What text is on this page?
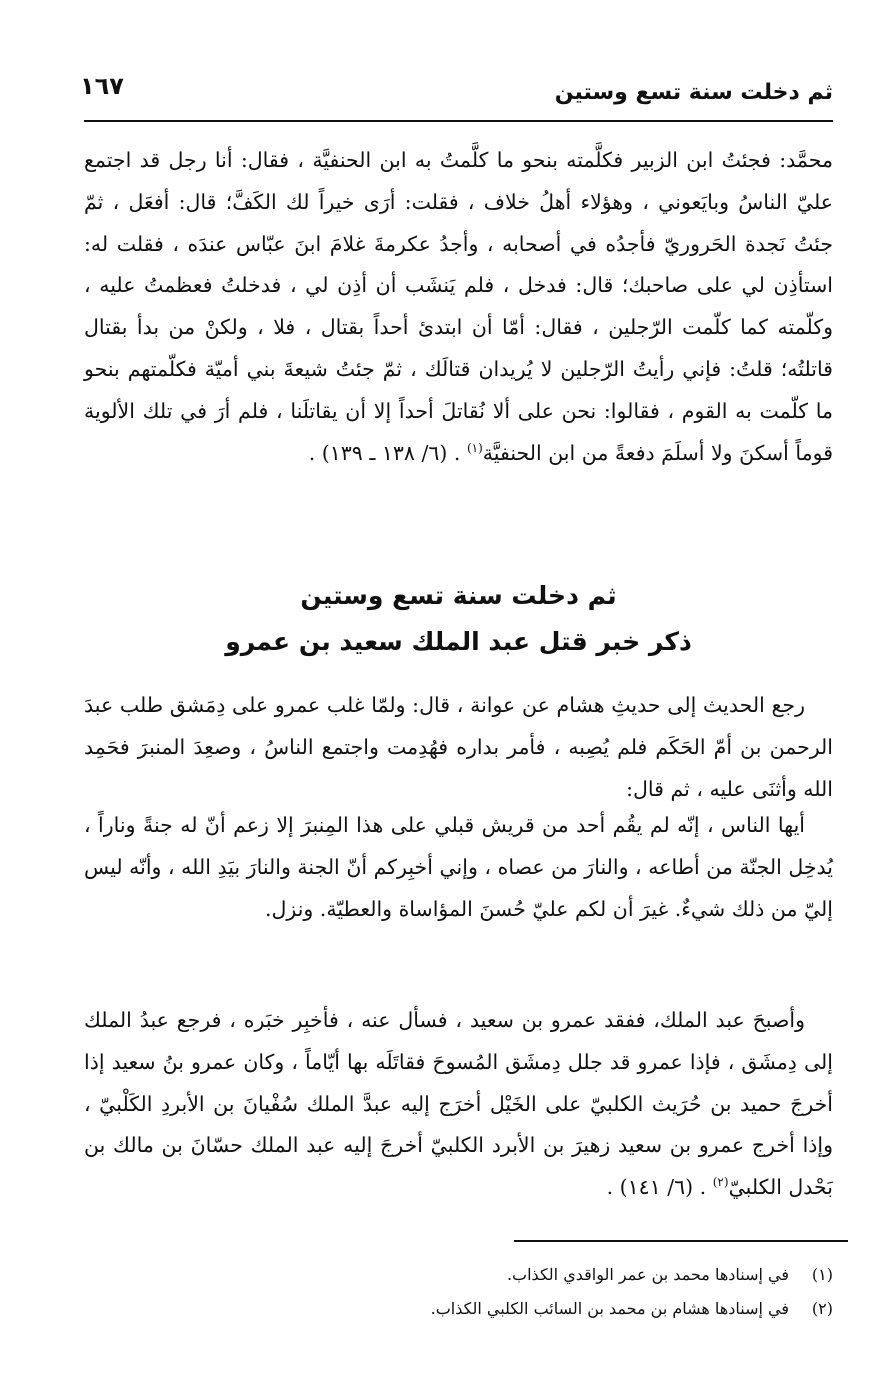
ثم دخلت سنة تسع وستين
١٦٧

محمَّد: فجئتُ ابن الزبير فكلَّمته بنحو ما كلَّمتُ به ابن الحنفيَّة ، فقال: أنا رجل قد اجتمع عليّ الناسُ وبايَعوني ، وهؤلاء أهلُ خلاف ، فقلت: أرَى خيراً لك الكَفَّ؛ قال: أفعَل ، ثمّ جئتُ نَجدة الحَروريّ فأجدُه في أصحابه ، وأجدُ عكرمةَ غلامَ ابنَ عبّاس عندَه ، فقلت له: استأذِن لي على صاحبك؛ قال: فدخل ، فلم يَنشَب أن أذِن لي ، فدخلتُ فعظمتُ عليه ، وكلّمته كما كلّمت الرّجلين ، فقال: أمّا أن ابتدئ أحداً بقتال ، فلا ، ولكنْ من بدأ بقتال قاتلتُه؛ قلتُ: فإني رأيتُ الرّجلين لا يُريدان قتالَك ، ثمّ جئتُ شيعةَ بني أميّة فكلّمتهم بنحو ما كلّمت به القوم ، فقالوا: نحن على ألا نُقاتلَ أحداً إلا أن يقاتلَنا ، فلم أرَ في تلك الألوية قوماً أسكنَ ولا أسلَمَ دفعةً من ابن الحنفيَّة$^{(١)}$ . (٦/ ١٣٨ ـ ١٣٩) .

ثم دخلت سنة تسع وستين
ذكر خبر قتل عبد الملك سعيد بن عمرو

رجع الحديث إلى حديثِ هشام عن عوانة ، قال: ولمّا غلب عمرو على دِمَشق طلب عبدَ الرحمن بن أمّ الحَكَم فلم يُصِبه ، فأمر بداره فهُدِمت واجتمع الناسُ ، وصعِدَ المنبرَ فحَمِد الله وأثنَى عليه ، ثم قال:

أيها الناس ، إنّه لم يقُم أحد من قريش قبلي على هذا المِنبرَ إلا زعم أنّ له جنةً وناراً ، يُدخِل الجنّة من أطاعه ، والنارَ من عصاه ، وإني أخبِركم أنّ الجنة والنارَ بيَدِ الله ، وأنّه ليس إليّ من ذلك شيءٌ. غيرَ أن لكم عليّ حُسنَ المؤاساة والعطيّة. ونزل.

وأصبحَ عبد الملك، ففقد عمرو بن سعيد ، فسأل عنه ، فأخبِر خبَره ، فرجع عبدُ الملك إلى دِمشَق ، فإذا عمرو قد جلل دِمشَق المُسوحَ فقاتَلَه بها أيّاماً ، وكان عمرو بنُ سعيد إذا أخرجَ حميد بن حُرَيث الكلبيّ على الخَيْل أخرَج إليه عبدَّ الملك سُفْيانَ بن الأبردِ الكَلْبيّ ، وإذا أخرج عمرو بن سعيد زهيرَ بن الأبرد الكلبيّ أخرجَ إليه عبد الملك حسّانَ بن مالك بن بَحْدل الكلبيّ$^{(٢)}$ . (٦/ ١٤١) .

(١)
في إسنادها محمد بن عمر الواقدي الكذاب.
(٢)
في إسنادها هشام بن محمد بن السائب الكلبي الكذاب.
